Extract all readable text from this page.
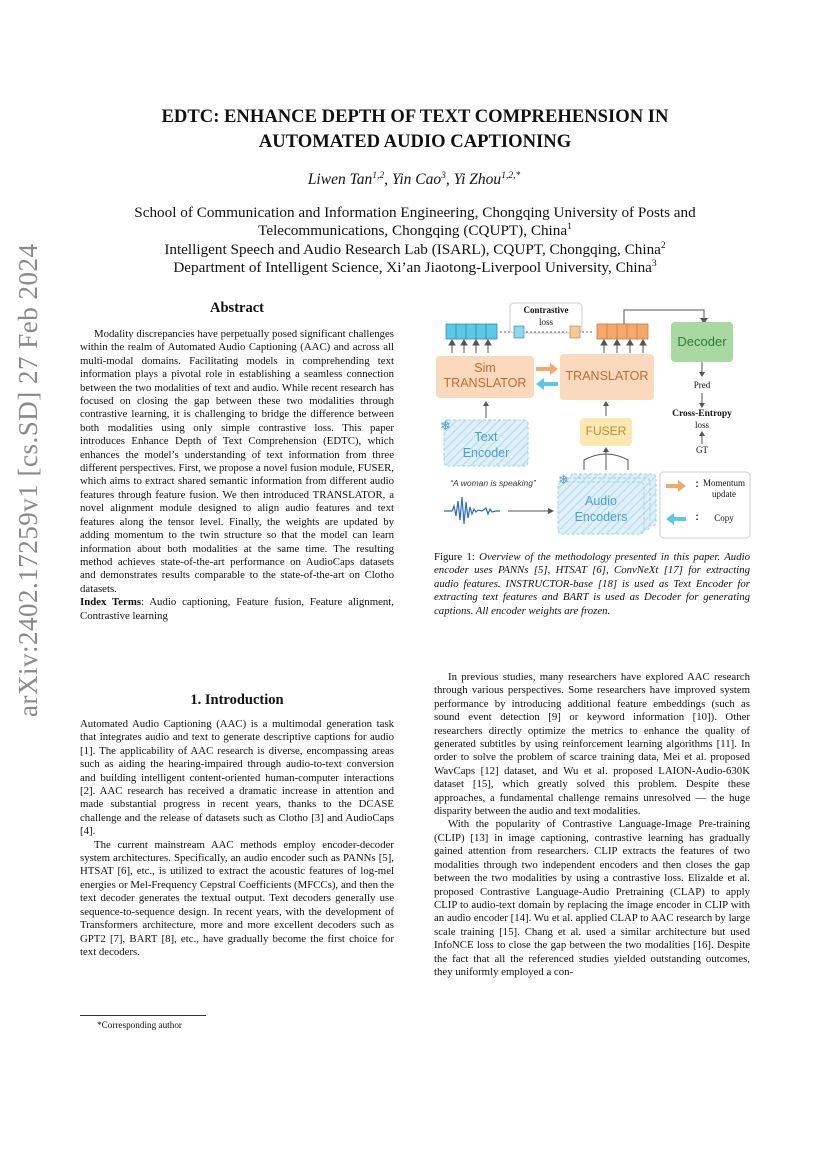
arXiv:2402.17259v1 [cs.SD] 27 Feb 2024
EDTC: ENHANCE DEPTH OF TEXT COMPREHENSION IN
AUTOMATED AUDIO CAPTIONING
Liwen Tan$^{1,2}$, Yin Cao$^3$, Yi Zhou$^{1,2,*}$
School of Communication and Information Engineering, Chongqing University of Posts and
Telecommunications, Chongqing (CQUPT), China$^1$
Intelligent Speech and Audio Research Lab (ISARL), CQUPT, Chongqing, China$^2$
Department of Intelligent Science, Xi’an Jiaotong-Liverpool University, China$^3$
Abstract

Modality discrepancies have perpetually posed significant challenges within the realm of Automated Audio Captioning (AAC) and across all multi-modal domains. Facilitating models in comprehending text information plays a pivotal role in establishing a seamless connection between the two modalities of text and audio. While recent research has focused on closing the gap between these two modalities through contrastive learning, it is challenging to bridge the difference between both modalities using only simple contrastive loss. This paper introduces Enhance Depth of Text Comprehension (EDTC), which enhances the model’s understanding of text information from three different perspectives. First, we propose a novel fusion module, FUSER, which aims to extract shared semantic information from different audio features through feature fusion. We then introduced TRANSLATOR, a novel alignment module designed to align audio features and text features along the tensor level. Finally, the weights are updated by adding momentum to the twin structure so that the model can learn information about both modalities at the same time. The resulting method achieves state-of-the-art performance on AudioCaps datasets and demonstrates results comparable to the state-of-the-art on Clotho datasets.

Index Terms: Audio captioning, Feature fusion, Feature alignment, Contrastive learning

1. Introduction

Automated Audio Captioning (AAC) is a multimodal generation task that integrates audio and text to generate descriptive captions for audio [1]. The applicability of AAC research is diverse, encompassing areas such as aiding the hearing-impaired through audio-to-text conversion and building intelligent content-oriented human-computer interactions [2]. AAC research has received a dramatic increase in attention and made substantial progress in recent years, thanks to the DCASE challenge and the release of datasets such as Clotho [3] and AudioCaps [4].

The current mainstream AAC methods employ encoder-decoder system architectures. Specifically, an audio encoder such as PANNs [5], HTSAT [6], etc., is utilized to extract the acoustic features of log-mel energies or Mel-Frequency Cepstral Coefficients (MFCCs), and then the text decoder generates the textual output. Text decoders generally use sequence-to-sequence design. In recent years, with the development of Transformers architecture, more and more excellent decoders such as GPT2 [7], BART [8], etc., have gradually become the first choice for text decoders.

*Corresponding author
❄
❄
Contrastive
loss
Sim
TRANSLATOR	TRANSLATOR
Decoder
Pred
Cross-Entropy
loss
GT
Text
Encoder
FUSER
“A woman is speaking”
Audio
Encoders
: Momentum
update
:	Copy
Figure 1: Overview of the methodology presented in this paper. Audio encoder uses PANNs [5], HTSAT [6], ConvNeXt [17] for extracting audio features. INSTRUCTOR-base [18] is used as Text Encoder for extracting text features and BART is used as Decoder for generating captions. All encoder weights are frozen.

In previous studies, many researchers have explored AAC research through various perspectives. Some researchers have improved system performance by introducing additional feature embeddings (such as sound event detection [9] or keyword information [10]). Other researchers directly optimize the metrics to enhance the quality of generated subtitles by using reinforcement learning algorithms [11]. In order to solve the problem of scarce training data, Mei et al. proposed WavCaps [12] dataset, and Wu et al. proposed LAION-Audio-630K dataset [15], which greatly solved this problem. Despite these approaches, a fundamental challenge remains unresolved — the huge disparity between the audio and text modalities.

With the popularity of Contrastive Language-Image Pre-training (CLIP) [13] in image captioning, contrastive learning has gradually gained attention from researchers. CLIP extracts the features of two modalities through two independent encoders and then closes the gap between the two modalities by using a contrastive loss. Elizalde et al. proposed Contrastive Language-Audio Pretraining (CLAP) to apply CLIP to audio-text domain by replacing the image encoder in CLIP with an audio encoder [14]. Wu et al. applied CLAP to AAC research by large scale training [15]. Chang et al. used a similar architecture but used InfoNCE loss to close the gap between the two modalities [16]. Despite the fact that all the referenced studies yielded outstanding outcomes, they uniformly employed a con-
